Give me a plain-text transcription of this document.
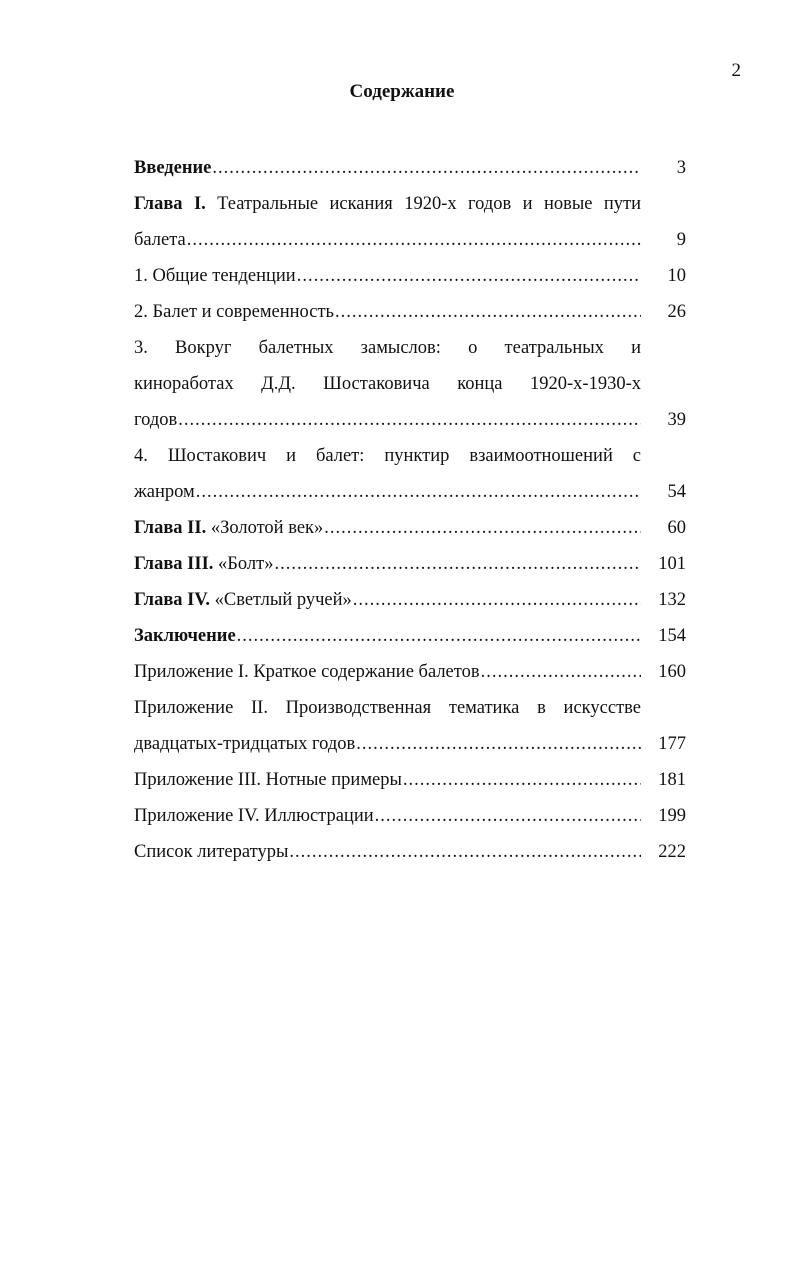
2
Содержание
Введение .....	3
Глава I. Театральные искания 1920-х годов и новые пути
балета .....	9
1. Общие тенденции .....	10
2. Балет и современность .....	26
3. Вокруг балетных замыслов: о театральных и
киноработах Д.Д. Шостаковича конца 1920-х-1930-х
годов .....	39
4. Шостакович и балет: пунктир взаимоотношений с
жанром .....	54
Глава II. «Золотой век» .....	60
Глава III. «Болт» .....	101
Глава IV. «Светлый ручей» .....	132
Заключение .....	154
Приложение I. Краткое содержание балетов .....	160
Приложение II. Производственная тематика в искусстве
двадцатых-тридцатых годов .....	177
Приложение III. Нотные примеры .....	181
Приложение IV. Иллюстрации .....	199
Список литературы .....	222
